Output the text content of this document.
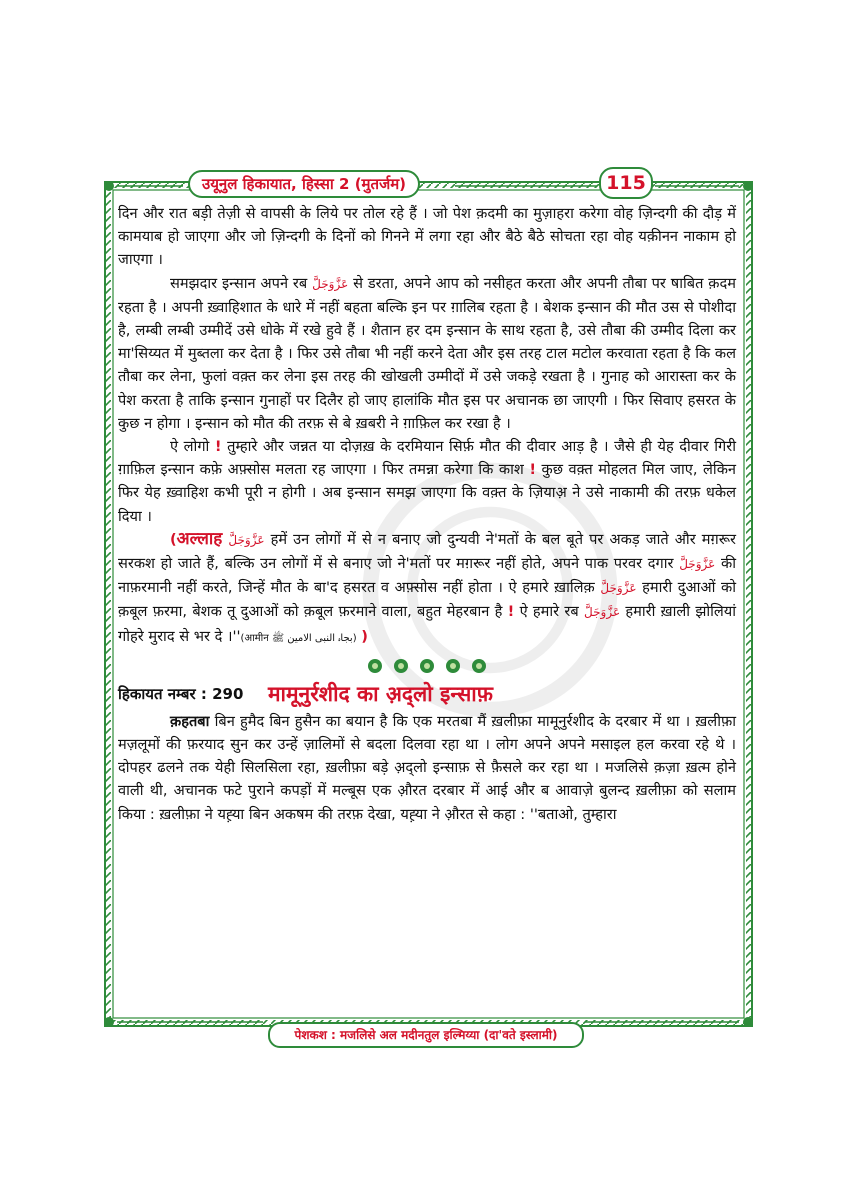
उयूनुल हिकायात, हिस्सा 2 (मुतर्जम)	115

दिन और रात बड़ी तेज़ी से वापसी के लिये पर तोल रहे हैं । जो पेश क़दमी का मुज़ाहरा करेगा वोह ज़िन्दगी की दौड़ में कामयाब हो जाएगा और जो ज़िन्दगी के दिनों को गिनने में लगा रहा और बैठे बैठे सोचता रहा वोह यक़ीनन नाकाम हो जाएगा ।

समझदार इन्सान अपने रब عَزَّوَجَلَّ से डरता, अपने आप को नसीहत करता और अपनी तौबा पर षाबित क़दम रहता है । अपनी ख़्वाहिशात के धारे में नहीं बहता बल्कि इन पर ग़ालिब रहता है । बेशक इन्सान की मौत उस से पोशीदा है, लम्बी लम्बी उम्मीदें उसे धोके में रखे हुवे हैं । शैतान हर दम इन्सान के साथ रहता है, उसे तौबा की उम्मीद दिला कर मा'सिय्यत में मुब्तला कर देता है । फिर उसे तौबा भी नहीं करने देता और इस तरह टाल मटोल करवाता रहता है कि कल तौबा कर लेना, फुलां वक़्त कर लेना इस तरह की खोखली उम्मीदों में उसे जकड़े रखता है । गुनाह को आरास्ता कर के पेश करता है ताकि इन्सान गुनाहों पर दिलैर हो जाए हालांकि मौत इस पर अचानक छा जाएगी । फिर सिवाए हसरत के कुछ न होगा । इन्सान को मौत की तरफ़ से बे ख़बरी ने ग़ाफ़िल कर रखा है ।

ऐ लोगो ! तुम्हारे और जन्नत या दोज़ख़ के दरमियान सिर्फ़ मौत की दीवार आड़ है । जैसे ही येह दीवार गिरी ग़ाफ़िल इन्सान कफ़े अफ़्सोस मलता रह जाएगा । फिर तमन्ना करेगा कि काश ! कुछ वक़्त मोहलत मिल जाए, लेकिन फिर येह ख़्वाहिश कभी पूरी न होगी । अब इन्सान समझ जाएगा कि वक़्त के ज़ियाअ़ ने उसे नाकामी की तरफ़ धकेल दिया ।

(अल्लाह عَزَّوَجَلَّ हमें उन लोगों में से न बनाए जो दुन्यवी ने'मतों के बल बूते पर अकड़ जाते और मग़रूर सरकश हो जाते हैं, बल्कि उन लोगों में से बनाए जो ने'मतों पर मग़रूर नहीं होते, अपने पाक परवर दगार عَزَّوَجَلَّ की नाफ़रमानी नहीं करते, जिन्हें मौत के बा'द हसरत व अफ़्सोस नहीं होता । ऐ हमारे ख़ालिक़ عَزَّوَجَلَّ हमारी दुआओं को क़बूल फ़रमा, बेशक तू दुआओं को क़बूल फ़रमाने वाला, बहुत मेहरबान है ! ऐ हमारे रब عَزَّوَجَلَّ हमारी ख़ाली झोलियां गोहरे मुराद से भर दे ।''(आमीन بجاہ النبی الامین ﷺ) )

हिकायत नम्बर : 290 मामूनुर्रशीद का अ़द्लो इन्साफ़

क़हतबा बिन हुमैद बिन हुसैन का बयान है कि एक मरतबा मैं ख़लीफ़ा मामूनुर्रशीद के दरबार में था । ख़लीफ़ा मज़लूमों की फ़रयाद सुन कर उन्हें ज़ालिमों से बदला दिलवा रहा था । लोग अपने अपने मसाइल हल करवा रहे थे । दोपहर ढलने तक येही सिलसिला रहा, ख़लीफ़ा बड़े अ़द्लो इन्साफ़ से फ़ैसले कर रहा था । मजलिसे क़ज़ा ख़त्म होने वाली थी, अचानक फटे पुराने कपड़ों में मल्बूस एक औ़रत दरबार में आई और ब आवाज़े बुलन्द ख़लीफ़ा को सलाम किया : ख़लीफ़ा ने यह़्या बिन अकषम की तरफ़ देखा, यह़्या ने औ़रत से कहा : ''बताओ, तुम्हारा

पेशकश : मजलिसे अल मदीनतुल इल्मिय्या (दा'वते इस्लामी)
